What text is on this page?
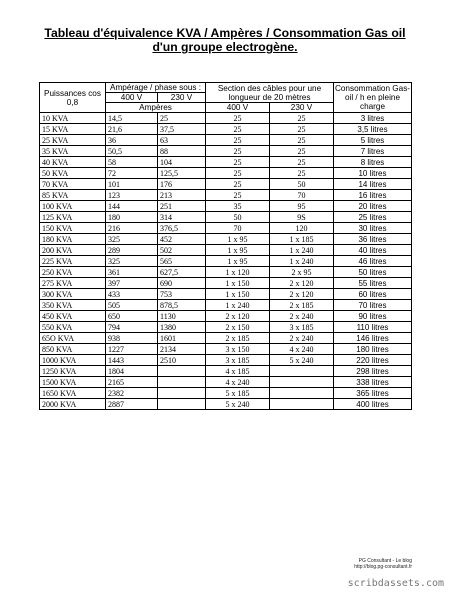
Tableau d'équivalence KVA / Ampères / Consommation Gas oil
d'un groupe electrogène.
Puissances cos 0,8	Ampérage / phase sous :		Section des câbles pour une longueur de 20 mètres		Consommation Gas-oil / h en pleine charge
	400 V	230 V			
	Ampères		400 V	230 V	
10 KVA	14,5	25	25	25	3 litres
15 KVA	21,6	37,5	25	25	3,5 litres
25 KVA	36	63	25	25	5 litres
35 KVA	50,5	88	25	25	7 litres
40 KVA	58	104	25	25	8 litres
50 KVA	72	125,5	25	25	10 litres
70 KVA	101	176	25	50	14 litres
85 KVA	123	213	25	70	16 litres
100 KVA	144	251	35	95	20 litres
125 KVA	180	314	50	9S	25 litres
150 KVA	216	376,5	70	120	30 litres
180 KVA	325	452	1 x 95	1 x 185	36 litres
200 KVA	289	502	1 x 95	1 x 240	40 litres
225 KVA	325	565	1 x 95	1 x 240	46 litres
250 KVA	361	627,5	1 x 120	2 x 95	50 litres
275 KVA	397	690	1 x 150	2 x 120	55 litres
300 KVA	433	753	1 x 150	2 x 120	60 litres
350 KVA	505	878,5	1 x 240	2 x 185	70 litres
450 KVA	650	1130	2 x 120	2 x 240	90 litres
550 KVA	794	1380	2 x 150	3 x 185	110 litres
65O KVA	938	1601	2 x 185	2 x 240	146 litres
850 KVA	1227	2134	3 x 150	4 x 240	180 litres
1000 KVA	1443	2510	3 x 185	5 x 240	220 litres
1250 KVA	1804		4 x 185		298 litres
1500 KVA	2165		4 x 240		338 litres
1650 KVA	2382		5 x 185		365 litres
2000 KVA	2887		5 x 240		400 litres
PG Consultant - Le blog
http://blog.pg-consultant.fr
scribdassets.com
